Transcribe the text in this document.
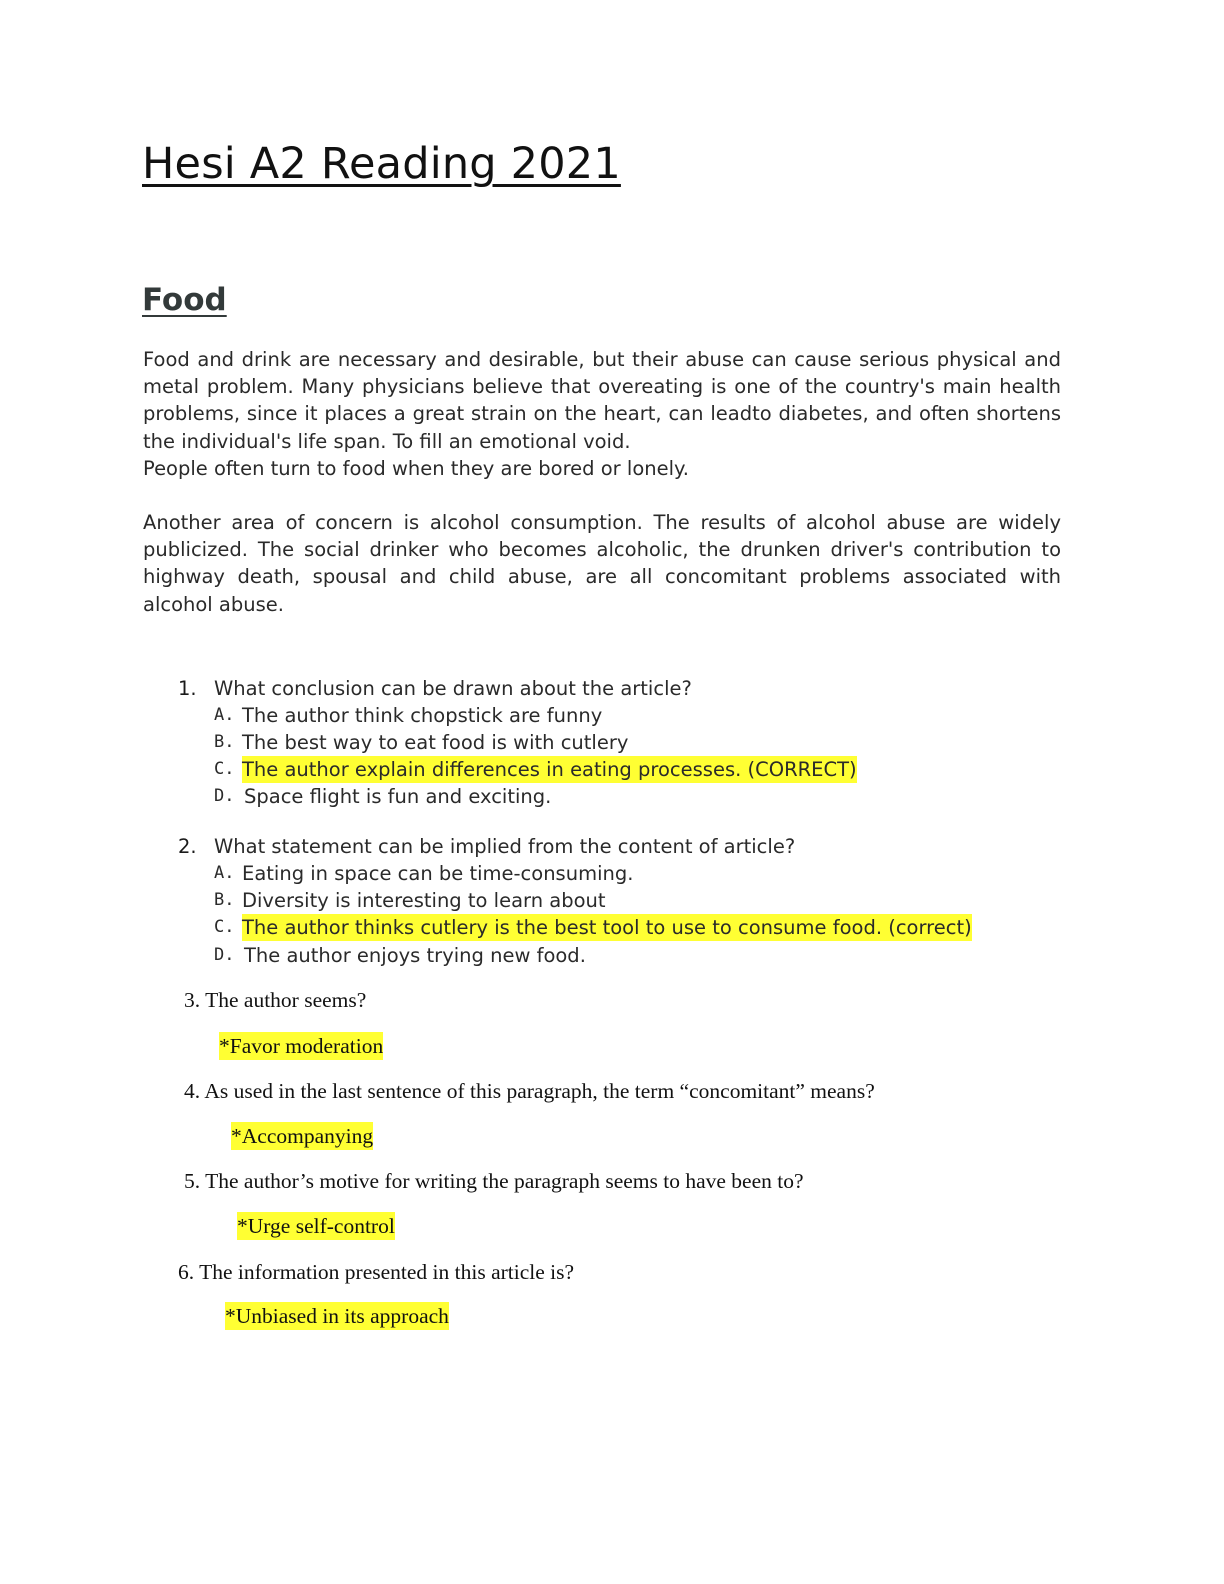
Hesi A2 Reading 2021
Food

Food and drink are necessary and desirable, but their abuse can cause serious physical and metal problem. Many physicians believe that overeating is one of the country's main health problems, since it places a great strain on the heart, can leadto diabetes, and often shortens the individual's life span. To fill an emotional void.

People often turn to food when they are bored or lonely.

Another area of concern is alcohol consumption. The results of alcohol abuse are widely publicized. The social drinker who becomes alcoholic, the drunken driver's contribution to highway death, spousal and child abuse, are all concomitant problems associated with alcohol abuse.

1. What conclusion can be drawn about the article?
A. The author think chopstick are funny
B. The best way to eat food is with cutlery
C. The author explain differences in eating processes. (CORRECT)
D. Space flight is fun and exciting.
2. What statement can be implied from the content of article?
A. Eating in space can be time-consuming.
B. Diversity is interesting to learn about
C. The author thinks cutlery is the best tool to use to consume food. (correct)
D. The author enjoys trying new food.
3. The author seems?
*Favor moderation
4. As used in the last sentence of this paragraph, the term “concomitant” means?
*Accompanying
5. The author’s motive for writing the paragraph seems to have been to?
*Urge self-control
6. The information presented in this article is?
*Unbiased in its approach
